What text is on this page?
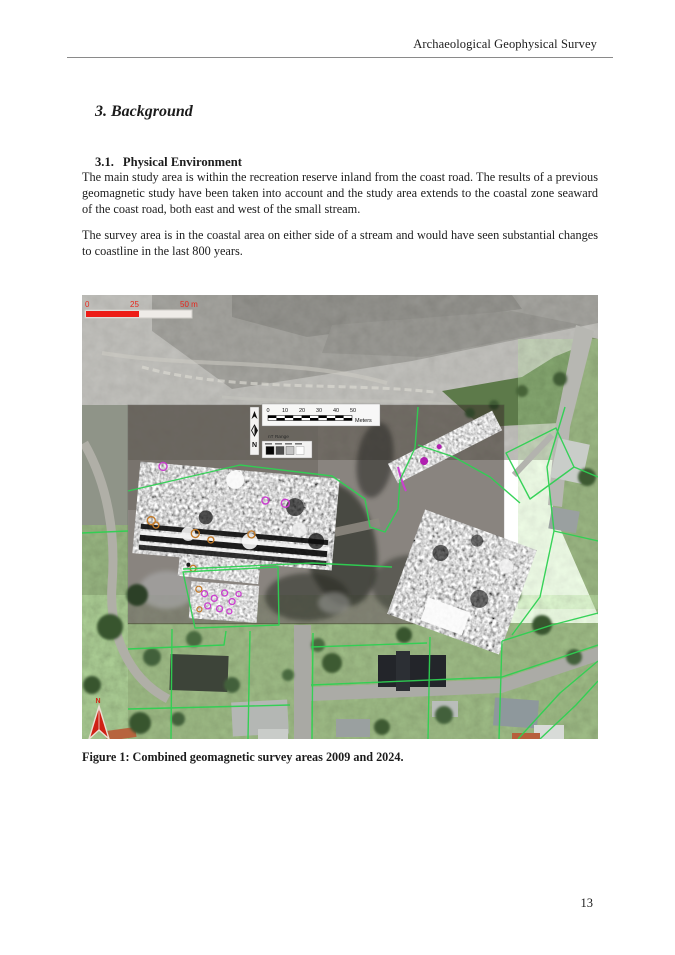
Archaeological Geophysical Survey
3. Background
3.1. Physical Environment
The main study area is within the recreation reserve inland from the coast road. The results of a previous geomagnetic study have been taken into account and the study area extends to the coastal zone seaward of the coast road, both east and west of the small stream.
The survey area is in the coastal area on either side of a stream and would have seen substantial changes to coastline in the last 800 years.
N
0 10 20 30 40 50
Meters
nT Range
0	25	50 m
N
Figure 1: Combined geomagnetic survey areas 2009 and 2024.
13
